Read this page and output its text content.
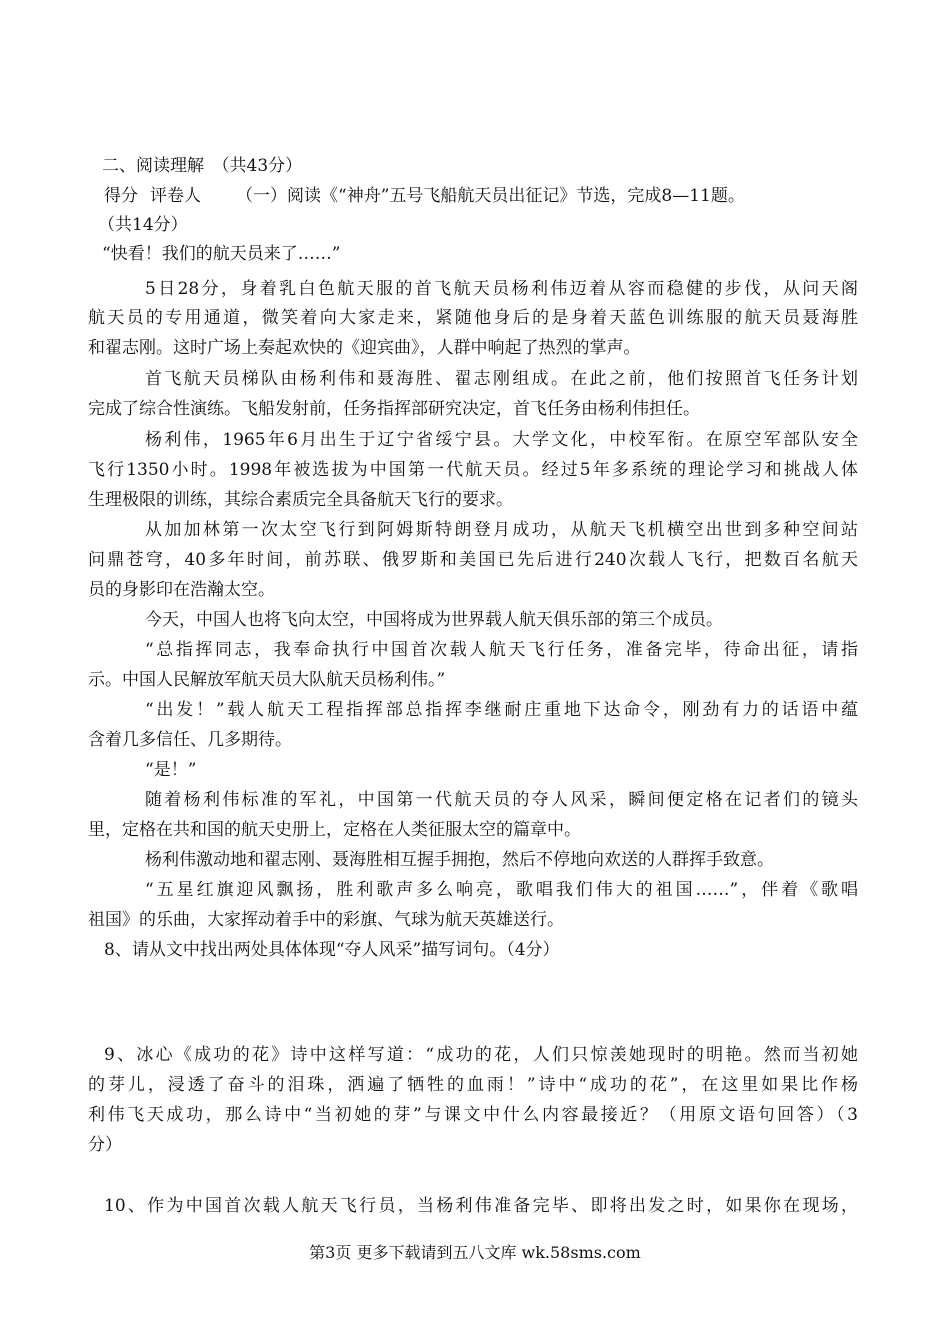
二、阅读理解　（共43分）
得分 评卷人 （一）阅读《“神舟”五号飞船航天员出征记》节选，完成8—11题。
（共14分）
“快看！我们的航天员来了……”
5日28分，身着乳白色航天服的首飞航天员杨利伟迈着从容而稳健的步伐，从问天阁
航天员的专用通道，微笑着向大家走来，紧随他身后的是身着天蓝色训练服的航天员聂海胜
和翟志刚。这时广场上奏起欢快的《迎宾曲》，人群中响起了热烈的掌声。
首飞航天员梯队由杨利伟和聂海胜、翟志刚组成。在此之前，他们按照首飞任务计划
完成了综合性演练。飞船发射前，任务指挥部研究决定，首飞任务由杨利伟担任。
杨利伟，1965年6月出生于辽宁省绥宁县。大学文化，中校军衔。在原空军部队安全
飞行1350小时。1998年被选拔为中国第一代航天员。经过5年多系统的理论学习和挑战人体
生理极限的训练，其综合素质完全具备航天飞行的要求。
从加加林第一次太空飞行到阿姆斯特朗登月成功，从航天飞机横空出世到多种空间站
问鼎苍穹，40多年时间，前苏联、俄罗斯和美国已先后进行240次载人飞行，把数百名航天
员的身影印在浩瀚太空。
今天，中国人也将飞向太空，中国将成为世界载人航天俱乐部的第三个成员。
“总指挥同志，我奉命执行中国首次载人航天飞行任务，准备完毕，待命出征，请指
示。中国人民解放军航天员大队航天员杨利伟。”
“出发！”载人航天工程指挥部总指挥李继耐庄重地下达命令，刚劲有力的话语中蕴
含着几多信任、几多期待。
“是！”
随着杨利伟标准的军礼，中国第一代航天员的夺人风采，瞬间便定格在记者们的镜头
里，定格在共和国的航天史册上，定格在人类征服太空的篇章中。
杨利伟激动地和翟志刚、聂海胜相互握手拥抱，然后不停地向欢送的人群挥手致意。
“五星红旗迎风飘扬，胜利歌声多么响亮，歌唱我们伟大的祖国……”，伴着《歌唱
祖国》的乐曲，大家挥动着手中的彩旗、气球为航天英雄送行。
8、请从文中找出两处具体体现“夺人风采”描写词句。（4分）
9、冰心《成功的花》诗中这样写道：“成功的花，人们只惊羡她现时的明艳。然而当初她
的芽儿，浸透了奋斗的泪珠，洒遍了牺牲的血雨！”诗中“成功的花”，在这里如果比作杨
利伟飞天成功，那么诗中“当初她的芽”与课文中什么内容最接近？（用原文语句回答）（3
分）
10、作为中国首次载人航天飞行员，当杨利伟准备完毕、即将出发之时，如果你在现场，
第3页 更多下载请到五八文库 wk.58sms.com
